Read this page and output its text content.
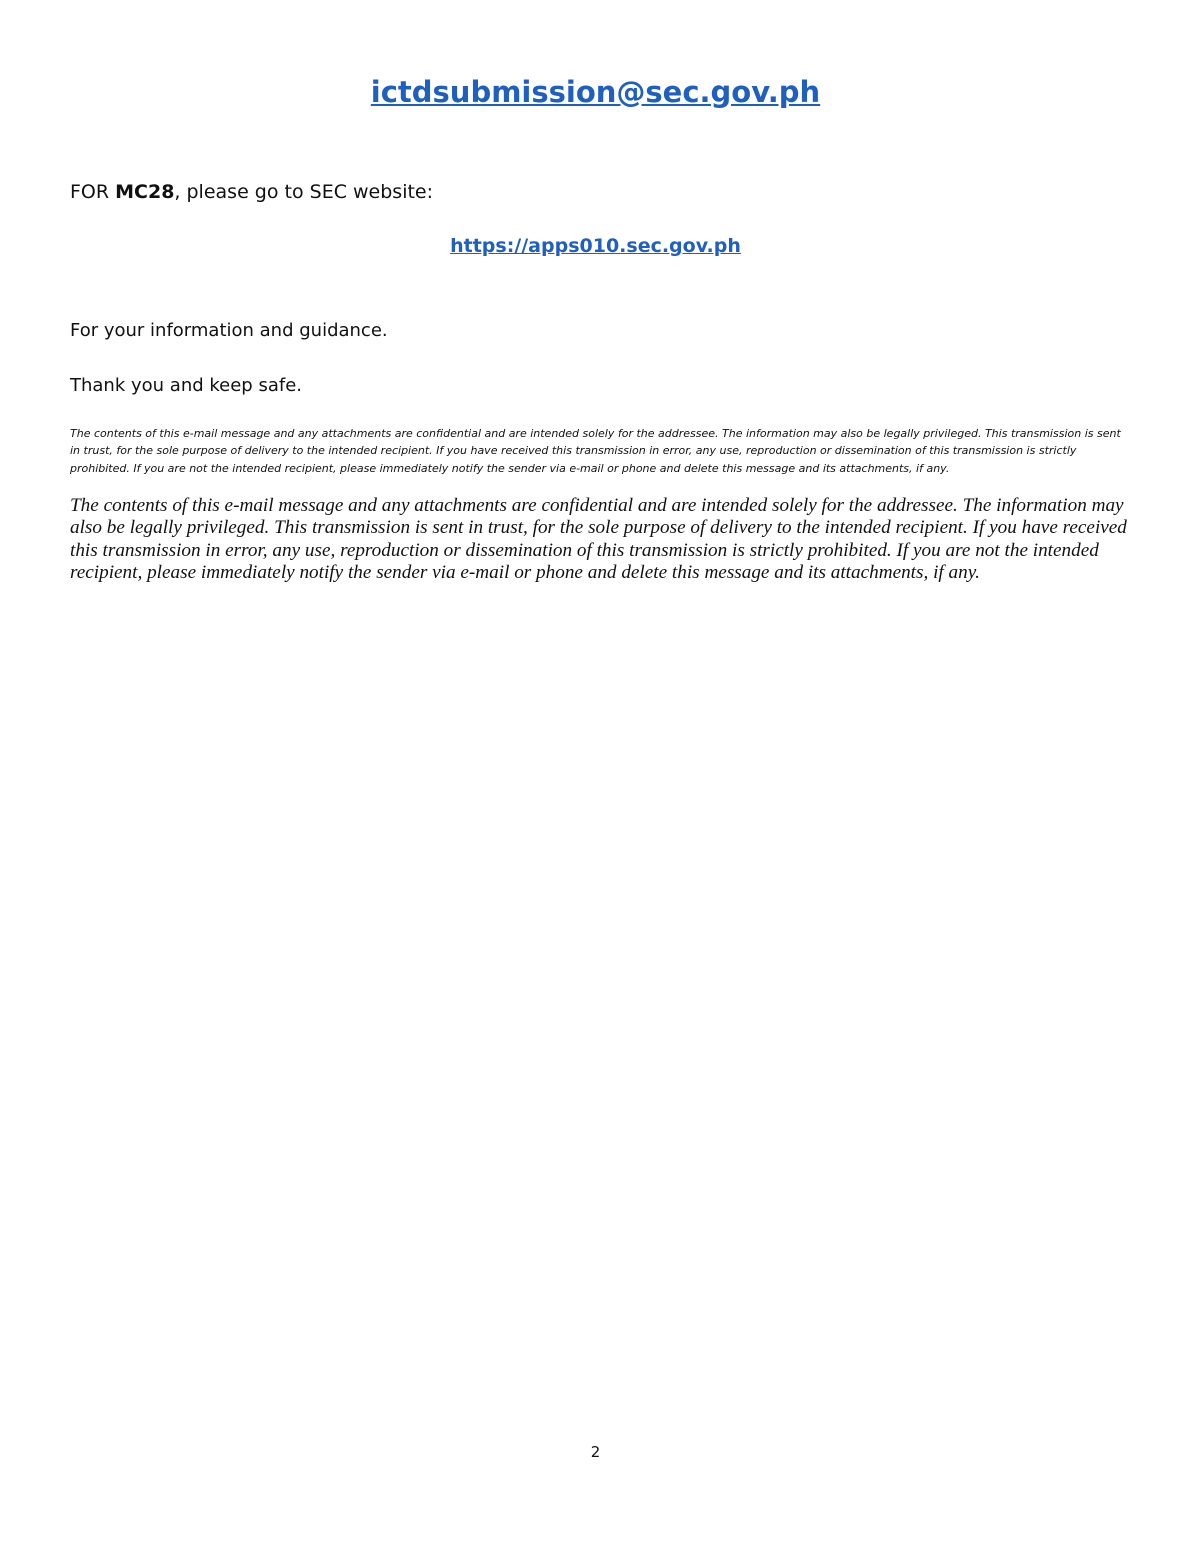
ictdsubmission@sec.gov.ph
FOR MC28, please go to SEC website:
https://apps010.sec.gov.ph
For your information and guidance.
Thank you and keep safe.
The contents of this e-mail message and any attachments are confidential and are intended solely for the addressee. The information may also be legally privileged. This transmission is sent in trust, for the sole purpose of delivery to the intended recipient. If you have received this transmission in error, any use, reproduction or dissemination of this transmission is strictly prohibited. If you are not the intended recipient, please immediately notify the sender via e-mail or phone and delete this message and its attachments, if any.
The contents of this e-mail message and any attachments are confidential and are intended solely for the addressee. The information may also be legally privileged. This transmission is sent in trust, for the sole purpose of delivery to the intended recipient. If you have received this transmission in error, any use, reproduction or dissemination of this transmission is strictly prohibited. If you are not the intended recipient, please immediately notify the sender via e-mail or phone and delete this message and its attachments, if any.
2
